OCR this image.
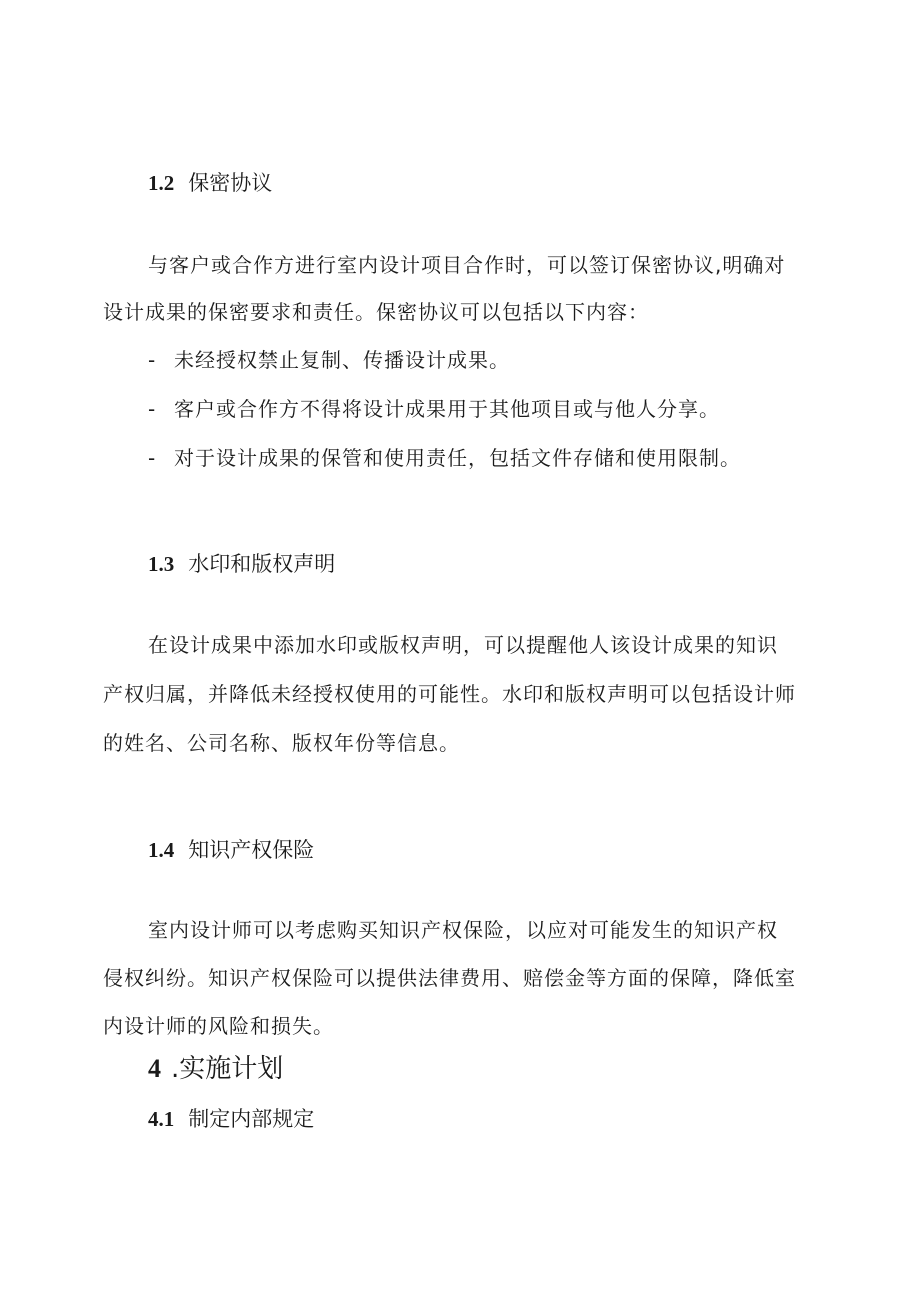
1.2 保密协议
与客户或合作方进行室内设计项目合作时，可以签订保密协议,明确对
设计成果的保密要求和责任。保密协议可以包括以下内容：
- 未经授权禁止复制、传播设计成果。
- 客户或合作方不得将设计成果用于其他项目或与他人分享。
- 对于设计成果的保管和使用责任，包括文件存储和使用限制。
1.3 水印和版权声明
在设计成果中添加水印或版权声明，可以提醒他人该设计成果的知识
产权归属，并降低未经授权使用的可能性。水印和版权声明可以包括设计师
的姓名、公司名称、版权年份等信息。
1.4 知识产权保险
室内设计师可以考虑购买知识产权保险，以应对可能发生的知识产权
侵权纠纷。知识产权保险可以提供法律费用、赔偿金等方面的保障，降低室
内设计师的风险和损失。
4 .实施计划
4.1 制定内部规定
